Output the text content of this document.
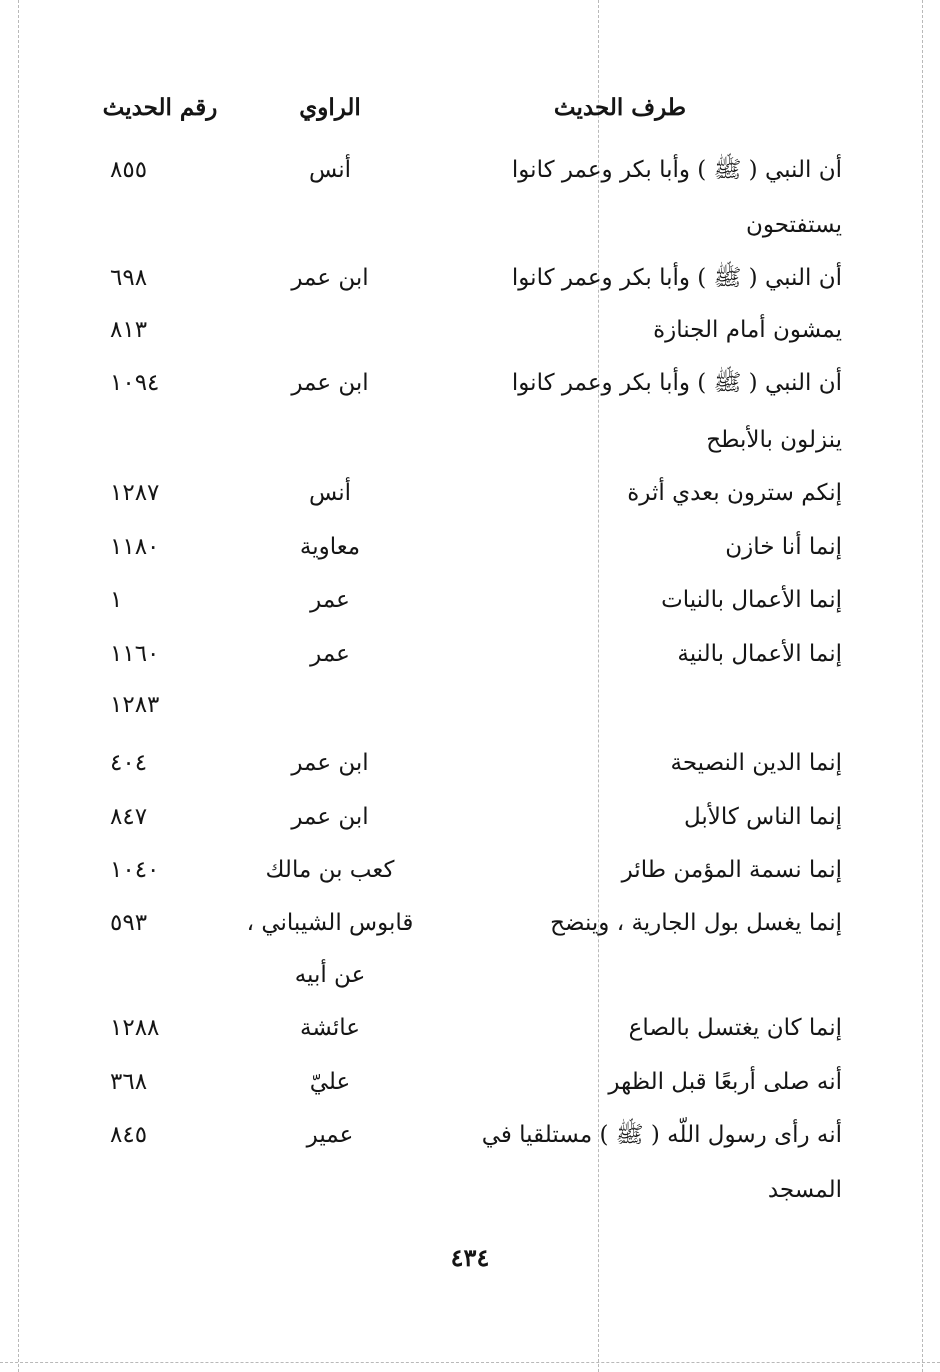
طرف الحديث
الراوي
رقم الحديث
أن النبي ( ﷺ ) وأبا بكر وعمر كانوا
أنس
٨٥٥
يستفتحون
أن النبي ( ﷺ ) وأبا بكر وعمر كانوا
ابن عمر
٦٩٨
يمشون أمام الجنازة
٨١٣
أن النبي ( ﷺ ) وأبا بكر وعمر كانوا
ابن عمر
١٠٩٤
ينزلون بالأبطح
إنكم سترون بعدي أثرة
أنس
١٢٨٧
إنما أنا خازن
معاوية
١١٨٠
إنما الأعمال بالنيات
عمر
١
إنما الأعمال بالنية
عمر
١١٦٠
١٢٨٣
إنما الدين النصيحة
ابن عمر
٤٠٤
إنما الناس كالأبل
ابن عمر
٨٤٧
إنما نسمة المؤمن طائر
كعب بن مالك
١٠٤٠
إنما يغسل بول الجارية ، وينضح
قابوس الشيباني ،
٥٩٣
عن أبيه
إنما كان يغتسل بالصاع
عائشة
١٢٨٨
أنه صلى أربعًا قبل الظهر
عليّ
٣٦٨
أنه رأى رسول اللّه ( ﷺ ) مستلقيا في
عمير
٨٤٥
المسجد
٤٣٤
